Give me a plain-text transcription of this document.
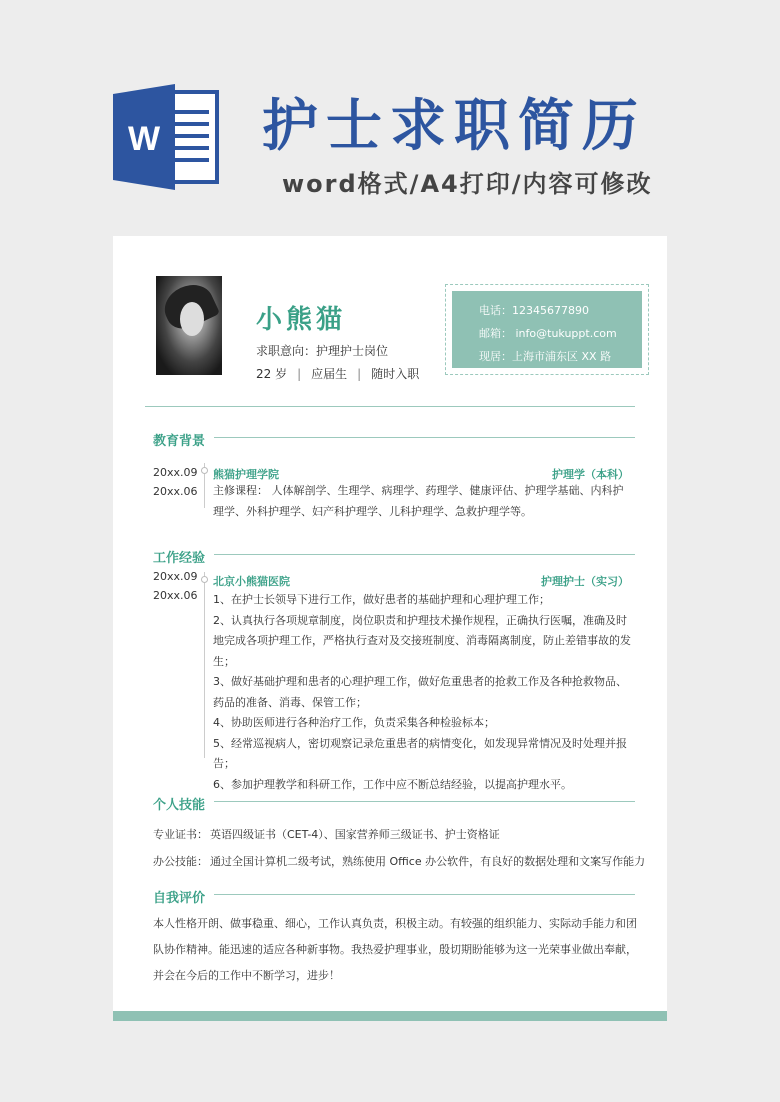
W 护士求职简历
word格式/A4打印/内容可修改
小熊猫
求职意向：护理护士岗位
22 岁 | 应届生 | 随时入职
电话：12345677890
邮箱： info@tukuppt.com
现居：上海市浦东区 XX 路
教育背景
20xx.09
20xx.06
熊猫护理学院	护理学（本科）
主修课程： 人体解剖学、生理学、病理学、药理学、健康评估、护理学基础、内科护理学、外科护理学、妇产科护理学、儿科护理学、急救护理学等。
工作经验
20xx.09
20xx.06
北京小熊猫医院	护理护士（实习）
1、在护士长领导下进行工作，做好患者的基础护理和心理护理工作；
2、认真执行各项规章制度，岗位职责和护理技术操作规程，正确执行医嘱，准确及时地完成各项护理工作，严格执行查对及交接班制度、消毒隔离制度，防止差错事故的发生；
3、做好基础护理和患者的心理护理工作，做好危重患者的抢救工作及各种抢救物品、药品的准备、消毒、保管工作；
4、协助医师进行各种治疗工作，负责采集各种检验标本；
5、经常巡视病人，密切观察记录危重患者的病情变化，如发现异常情况及时处理并报告；
6、参加护理教学和科研工作，工作中应不断总结经验，以提高护理水平。
个人技能
专业证书： 英语四级证书（CET-4）、国家营养师三级证书、护士资格证
办公技能： 通过全国计算机二级考试，熟练使用 Office 办公软件，有良好的数据处理和文案写作能力
自我评价
本人性格开朗、做事稳重、细心，工作认真负责，积极主动。有较强的组织能力、实际动手能力和团队协作精神。能迅速的适应各种新事物。我热爱护理事业，殷切期盼能够为这一光荣事业做出奉献，并会在今后的工作中不断学习，进步！
